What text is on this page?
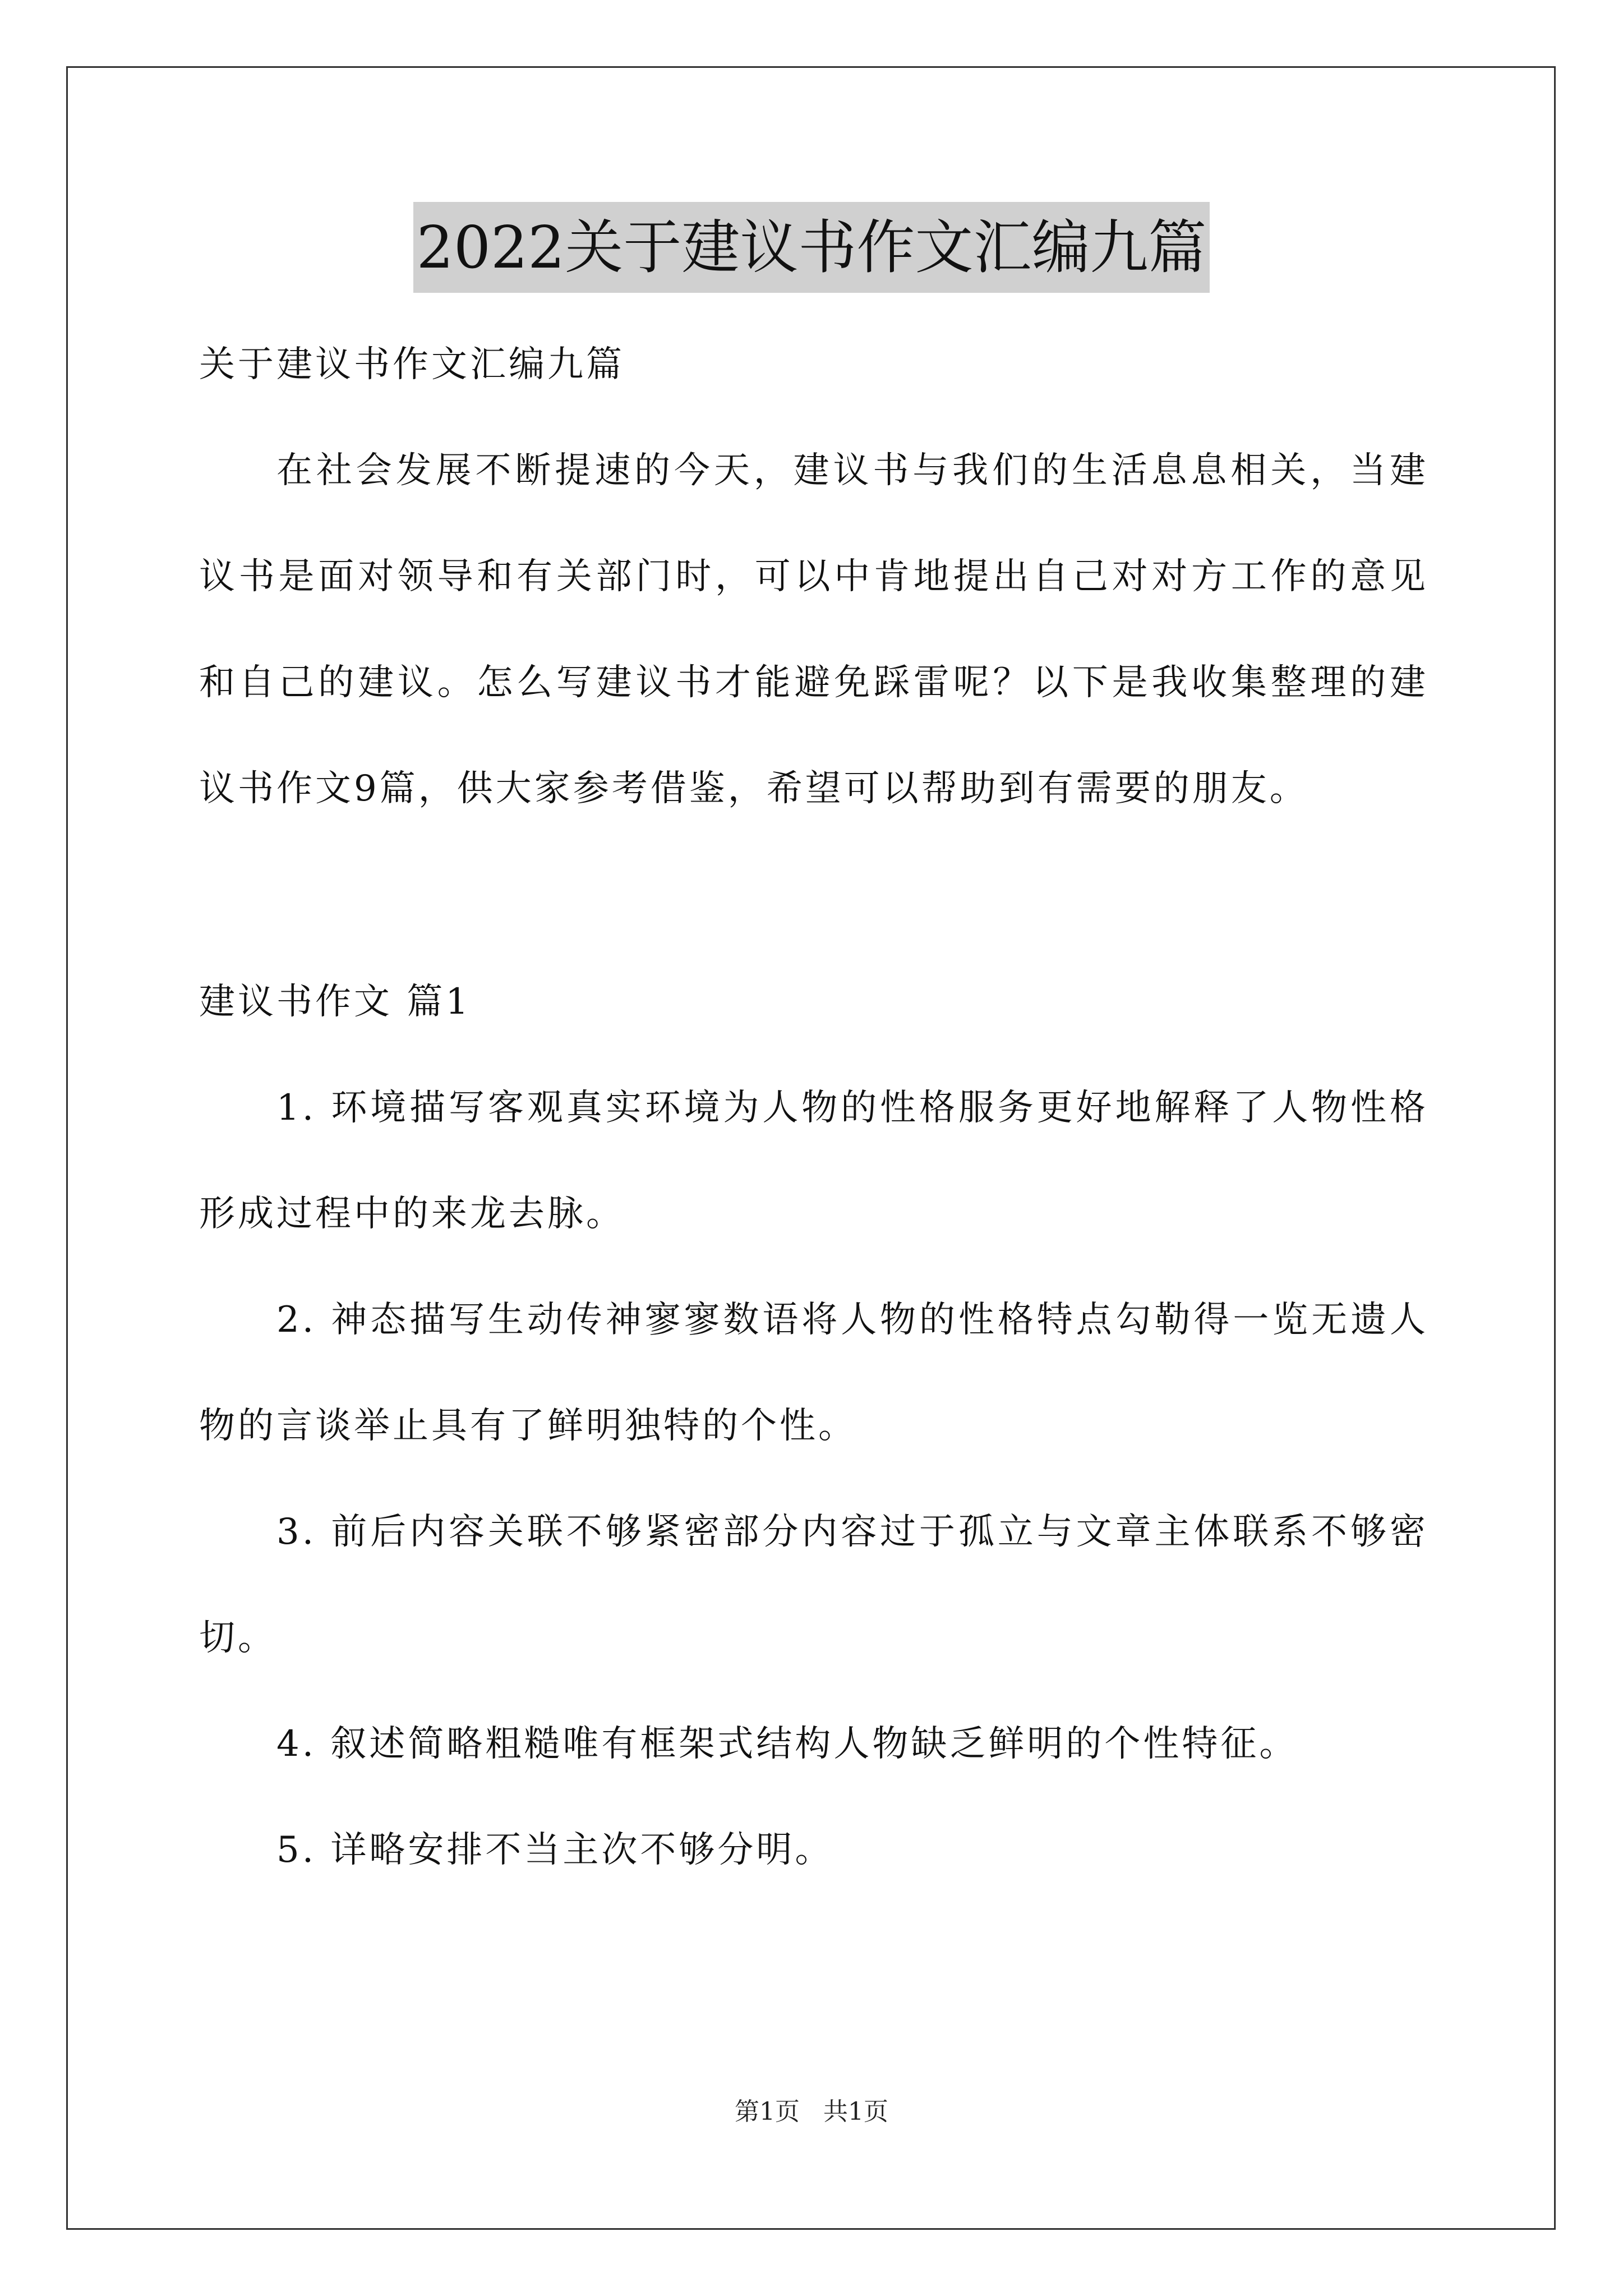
2022关于建议书作文汇编九篇

关于建议书作文汇编九篇

在社会发展不断提速的今天，建议书与我们的生活息息相关，当建议书是面对领导和有关部门时，可以中肯地提出自己对对方工作的意见和自己的建议。怎么写建议书才能避免踩雷呢？以下是我收集整理的建议书作文9篇，供大家参考借鉴，希望可以帮助到有需要的朋友。

建议书作文 篇1

1. 环境描写客观真实环境为人物的性格服务更好地解释了人物性格形成过程中的来龙去脉。

2. 神态描写生动传神寥寥数语将人物的性格特点勾勒得一览无遗人物的言谈举止具有了鲜明独特的个性。

3. 前后内容关联不够紧密部分内容过于孤立与文章主体联系不够密切。

4. 叙述简略粗糙唯有框架式结构人物缺乏鲜明的个性特征。

5. 详略安排不当主次不够分明。

第1页 共1页
